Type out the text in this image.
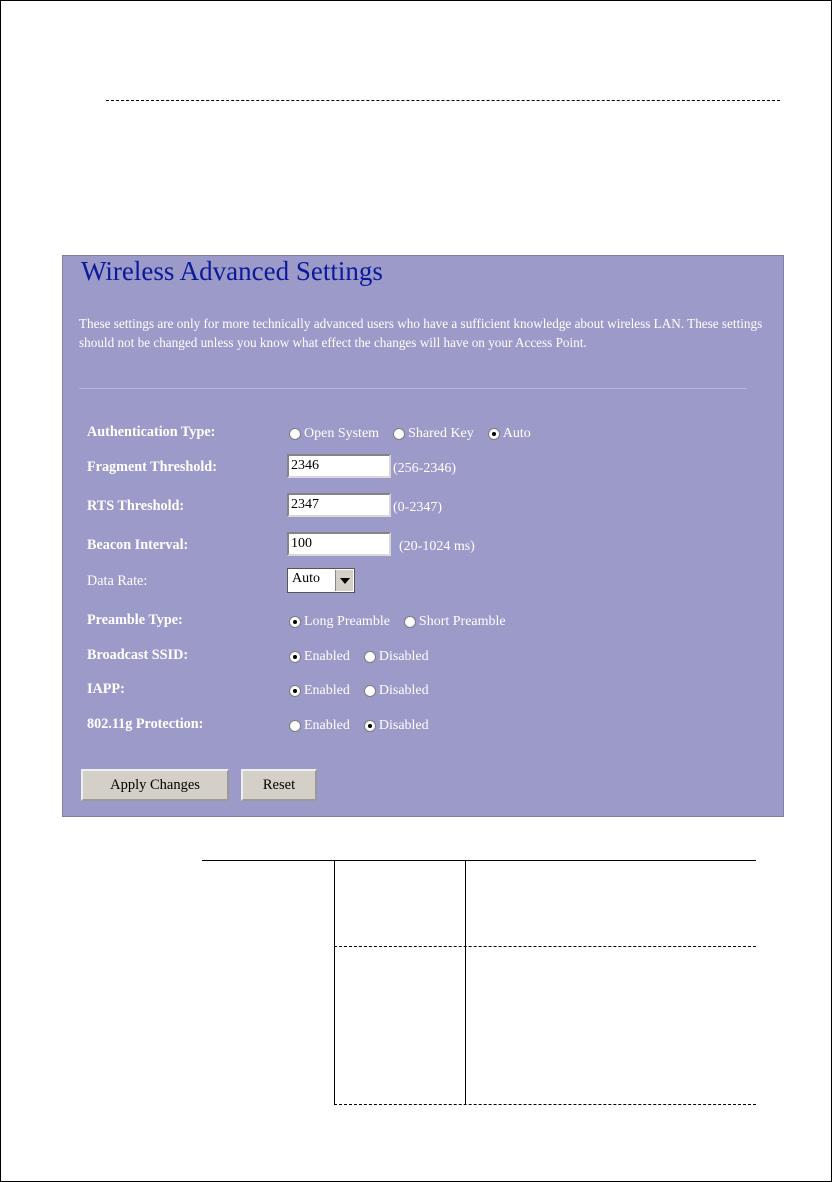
Wireless Advanced Settings
These settings are only for more technically advanced users who have a sufficient knowledge about wireless LAN. These settings should not be changed unless you know what effect the changes will have on your Access Point.
Authentication Type:	Open System Shared Key Auto
Fragment Threshold:
2346	(256-2346)
RTS Threshold:
2347	(0-2347)
Beacon Interval:
100	(20-1024 ms)
Data Rate:	Auto
Preamble Type:	Long Preamble Short Preamble
Broadcast SSID:	Enabled Disabled
IAPP:	Enabled Disabled
802.11g Protection:	Enabled Disabled
Apply Changes	Reset
